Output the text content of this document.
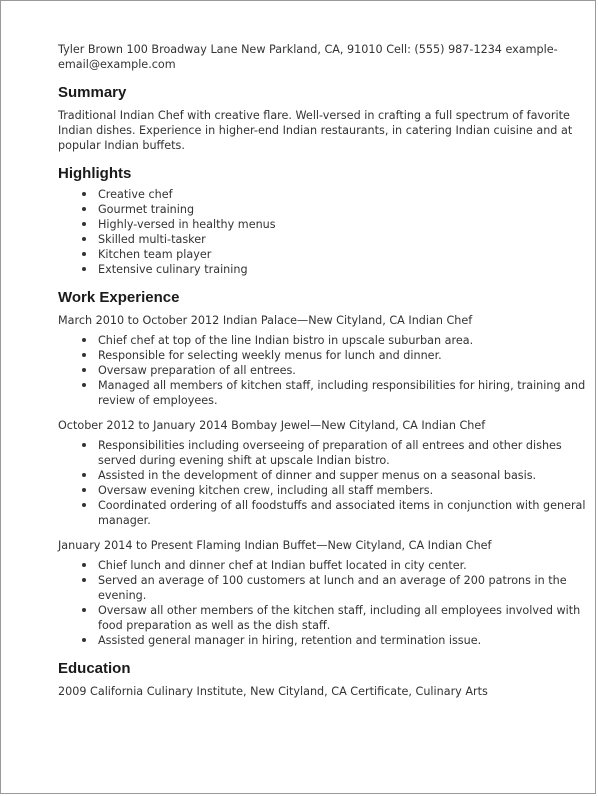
Tyler Brown 100 Broadway Lane New Parkland, CA, 91010 Cell: (555) 987-1234 example-email@example.com

Summary

Traditional Indian Chef with creative flare. Well-versed in crafting a full spectrum of favorite Indian dishes. Experience in higher-end Indian restaurants, in catering Indian cuisine and at popular Indian buffets.

Highlights
Creative chef
Gourmet training
Highly-versed in healthy menus
Skilled multi-tasker
Kitchen team player
Extensive culinary training
Work Experience

March 2010 to October 2012 Indian Palace—New Cityland, CA Indian Chef

Chief chef at top of the line Indian bistro in upscale suburban area.
Responsible for selecting weekly menus for lunch and dinner.
Oversaw preparation of all entrees.
Managed all members of kitchen staff, including responsibilities for hiring, training and review of employees.

October 2012 to January 2014 Bombay Jewel—New Cityland, CA Indian Chef

Responsibilities including overseeing of preparation of all entrees and other dishes served during evening shift at upscale Indian bistro.
Assisted in the development of dinner and supper menus on a seasonal basis.
Oversaw evening kitchen crew, including all staff members.
Coordinated ordering of all foodstuffs and associated items in conjunction with general manager.

January 2014 to Present Flaming Indian Buffet—New Cityland, CA Indian Chef

Chief lunch and dinner chef at Indian buffet located in city center.
Served an average of 100 customers at lunch and an average of 200 patrons in the evening.
Oversaw all other members of the kitchen staff, including all employees involved with food preparation as well as the dish staff.
Assisted general manager in hiring, retention and termination issue.
Education

2009 California Culinary Institute, New Cityland, CA Certificate, Culinary Arts
